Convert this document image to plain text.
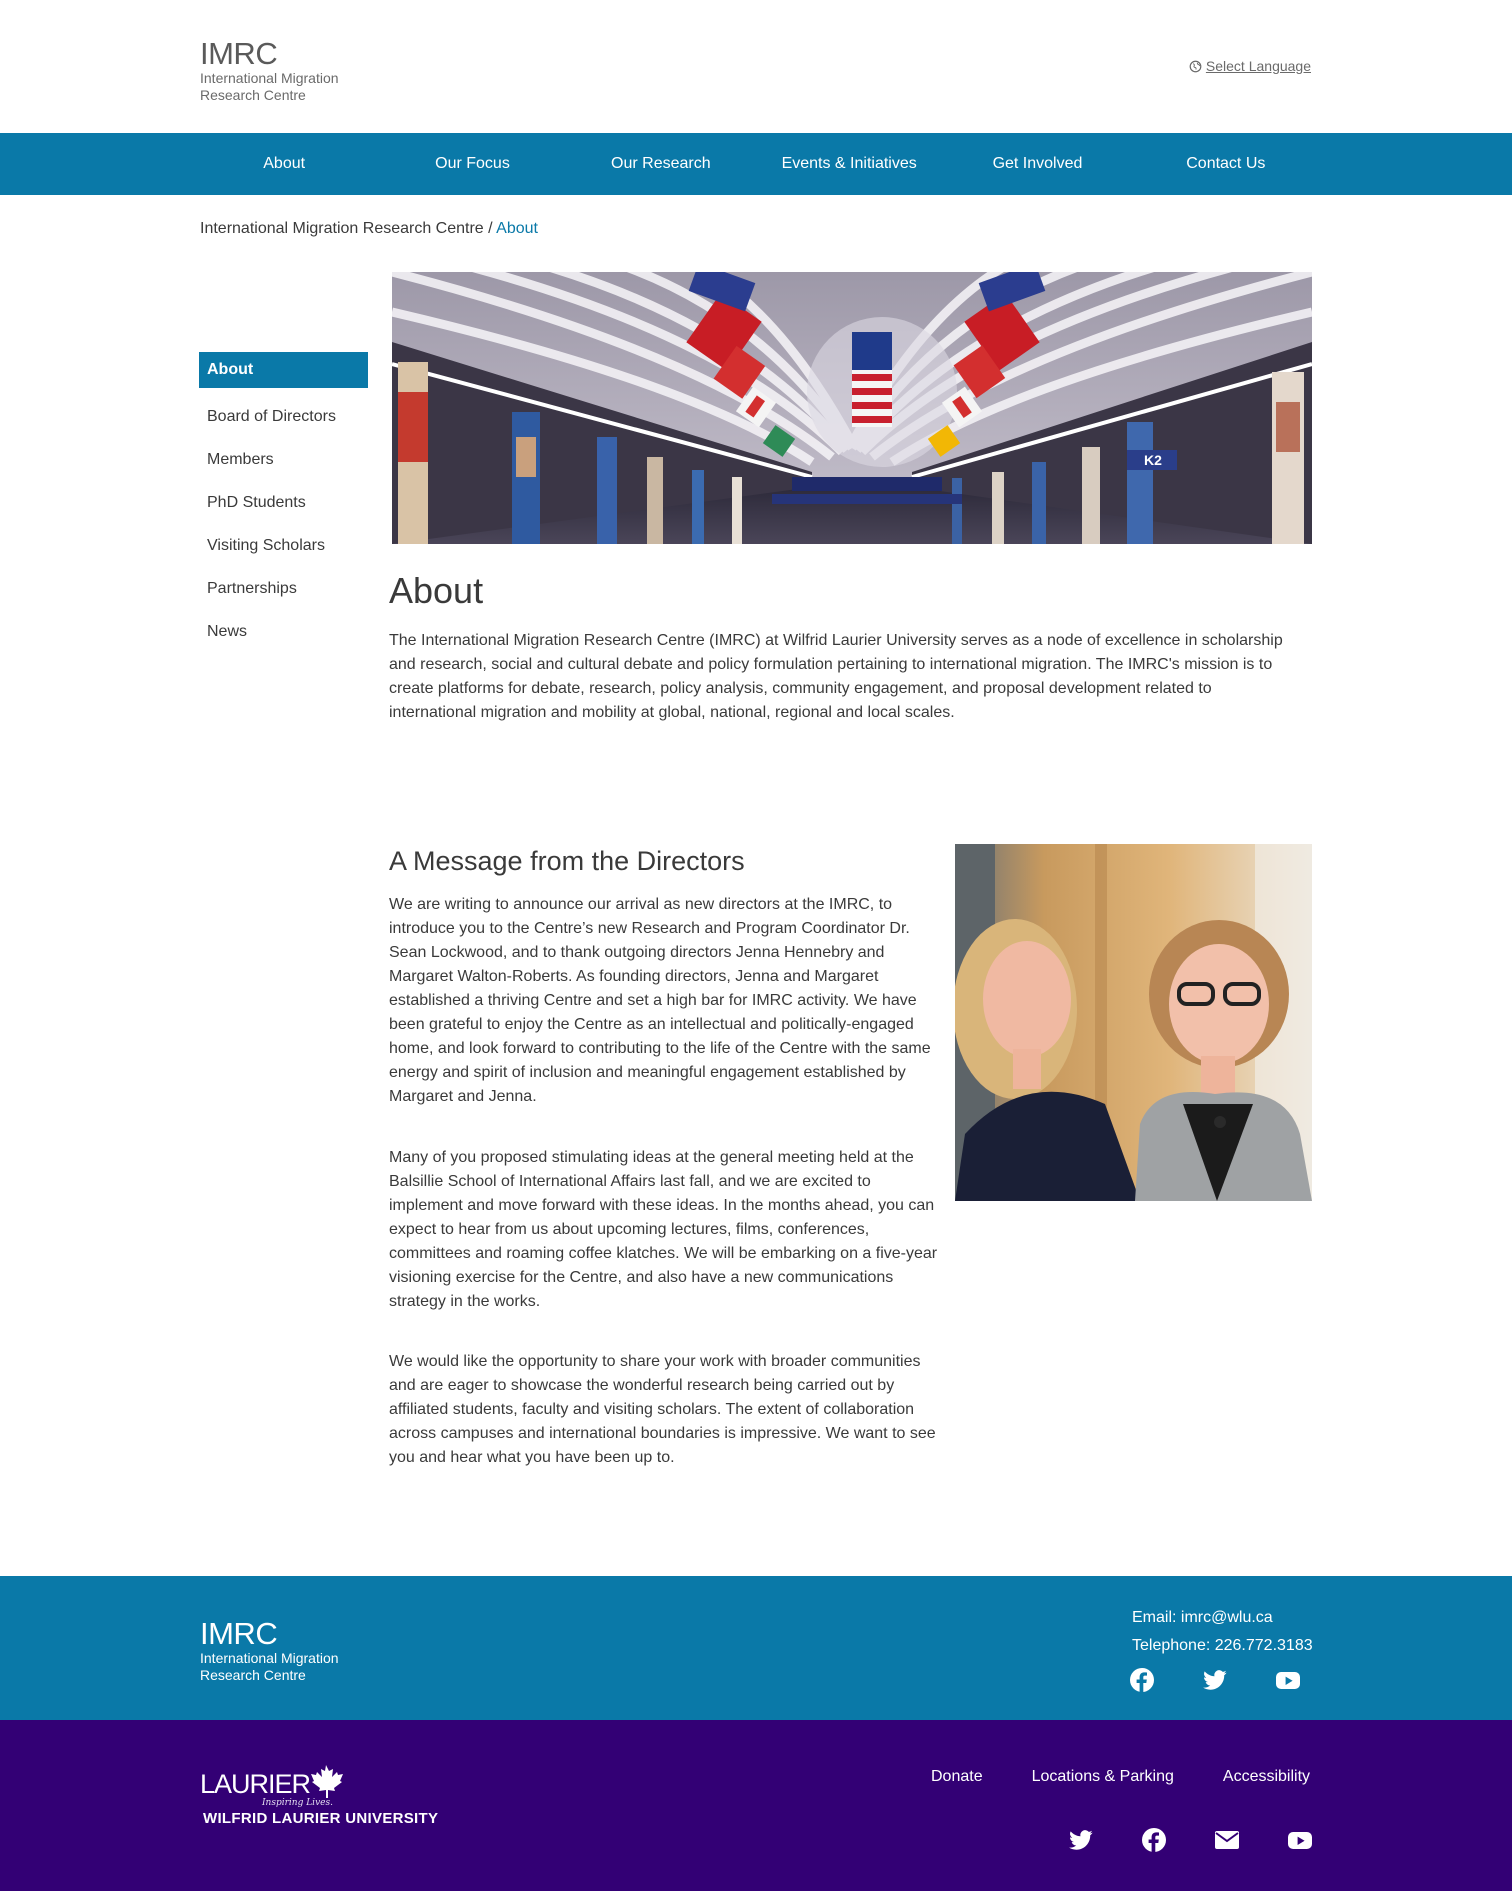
IMRC
International Migration
Research Centre
Select Language
About	Our Focus	Our Research	Events & Initiatives	Get Involved	Contact Us
International Migration Research Centre / About
About
Board of Directors
Members
PhD Students
Visiting Scholars
Partnerships
News
K2
About

The International Migration Research Centre (IMRC) at Wilfrid Laurier University serves as a node of excellence in scholarship and research, social and cultural debate and policy formulation pertaining to international migration. The IMRC's mission is to create platforms for debate, research, policy analysis, community engagement, and proposal development related to international migration and mobility at global, national, regional and local scales.

A Message from the Directors

We are writing to announce our arrival as new directors at the IMRC, to introduce you to the Centre’s new Research and Program Coordinator Dr. Sean Lockwood, and to thank outgoing directors Jenna Hennebry and Margaret Walton-Roberts. As founding directors, Jenna and Margaret established a thriving Centre and set a high bar for IMRC activity. We have been grateful to enjoy the Centre as an intellectual and politically-engaged home, and look forward to contributing to the life of the Centre with the same energy and spirit of inclusion and meaningful engagement established by Margaret and Jenna.

Many of you proposed stimulating ideas at the general meeting held at the Balsillie School of International Affairs last fall, and we are excited to implement and move forward with these ideas. In the months ahead, you can expect to hear from us about upcoming lectures, films, conferences, committees and roaming coffee klatches. We will be embarking on a five-year visioning exercise for the Centre, and also have a new communications strategy in the works.

We would like the opportunity to share your work with broader communities and are eager to showcase the wonderful research being carried out by affiliated students, faculty and visiting scholars. The extent of collaboration across campuses and international boundaries is impressive. We want to see you and hear what you have been up to.

IMRC
International Migration
Research Centre
Email: imrc@wlu.ca
Telephone: 226.772.3183
LAURIER
Inspiring Lives.
WILFRID LAURIER UNIVERSITY
Donate	Locations & Parking	Accessibility
